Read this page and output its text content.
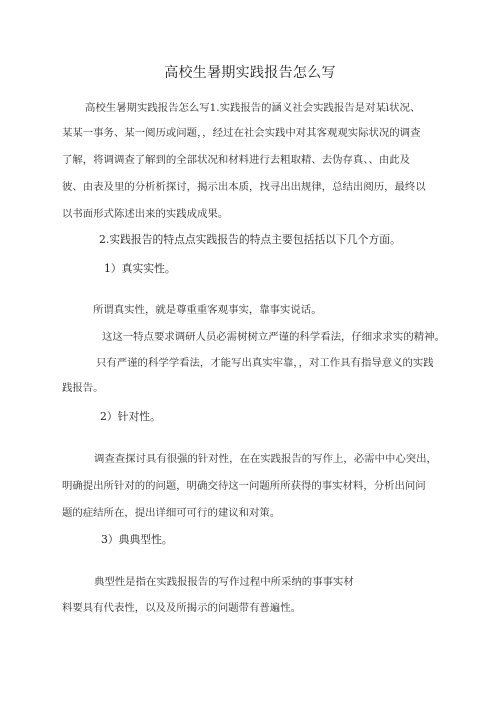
高校生暑期实践报告怎么写
高校生暑期实践报告怎么写1.实践报告的涵义社会实践报告是对某ì状况、
某某一事务、某一阅历或问题，，经过在社会实践中对其客观观实际状况的调查
了解，将调调查了解到的全部状况和材料进行去粗取精、去伪存真、、由此及
彼、由表及里的分析析探讨，揭示出本质，找寻出出规律，总结出阅历，最终以
以书面形式陈述出来的实践成成果。
2.实践报告的特点点实践报告的特点主要包括括以下几个方面。
1）真实实性。
所谓真实性，就是尊重重客观事实，靠事实说话。
这这一特点要求调研人员必需树树立严谨的科学看法，仔细求求实的精神。
只有严谨的科学学看法，才能写出真实牢靠，，对工作具有指导意义的实践
践报告。
2）针对性。
调查查探讨具有很强的针对性，在在实践报告的写作上，必需中中心突出，
明确提出所针对的的问题，明确交待这一问题所所获得的事实材料，分析出问问
题的症结所在，提出详细可可行的建议和对策。
3）典典型性。
典型性是指在实践报报告的写作过程中所采纳的事事实材
料要具有代表性，以及及所揭示的问题带有普遍性。
